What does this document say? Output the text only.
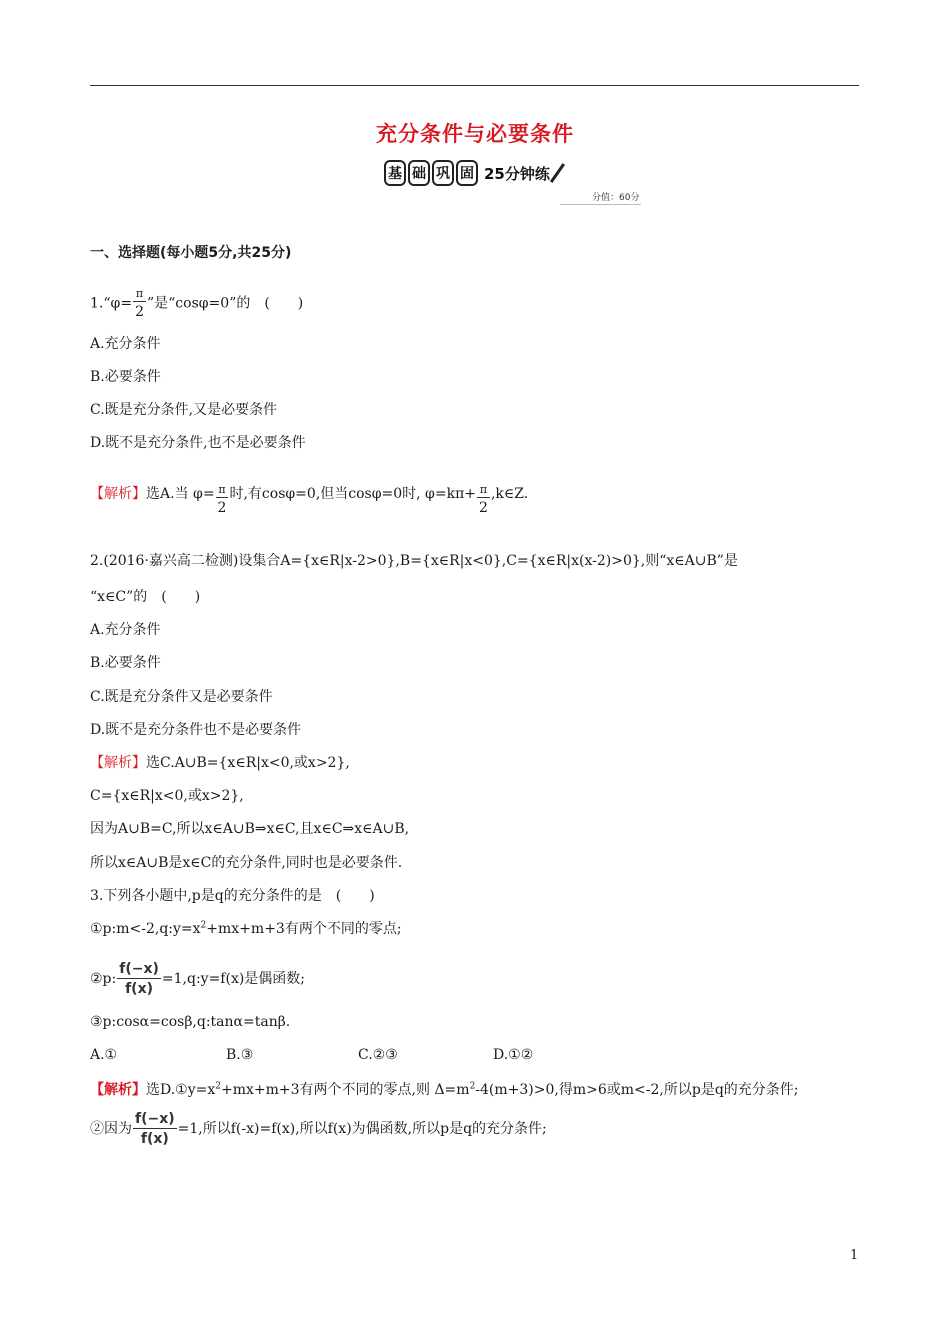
充分条件与必要条件
基 础 巩 固 25分钟练
分值：60分
一、选择题(每小题5分,共25分)
1.“φ= $\frac{\pi}{2}$ ”是“cosφ=0”的　(　　)
A.充分条件
B.必要条件
C.既是充分条件,又是必要条件
D.既不是充分条件,也不是必要条件
【解析】选A.当 $\varphi= \frac{\pi}{2}$ 时,有cosφ=0,但当cosφ=0时, $\varphi=k\pi+ \frac{\pi}{2}$ ,k∈Z.
2.(2016·嘉兴高二检测)设集合A={x∈R|x-2>0},B={x∈R|x<0},C={x∈R|x(x-2)>0},则“x∈A∪B”是
“x∈C”的　(　　)
A.充分条件
B.必要条件
C.既是充分条件又是必要条件
D.既不是充分条件也不是必要条件
【解析】选C.A∪B={x∈R|x<0,或x>2},
C={x∈R|x<0,或x>2},
因为A∪B=C,所以x∈A∪B⇒x∈C,且x∈C⇒x∈A∪B,
所以x∈A∪B是x∈C的充分条件,同时也是必要条件.
3.下列各小题中,p是q的充分条件的是　(　　)
$①p:m<-2,q:y=x^2+mx+m+3$有两个不同的零点;
②p: $\frac{f(-x)}{f(x)}$ =1,q:y=f(x)是偶函数;
③p:cosα=cosβ,q:tanα=tanβ.
A.①	B.③	C.②③	D.①②
【解析】选$D.①y=x^2+mx+m+3$有两个不同的零点,则 $\Delta=m^2-4(m+3)>0$,得m>6或m<-2,所以p是q的充分条件;
②因为 $\frac{f(-x)}{f(x)} =1$,所以f(-x)=f(x),所以f(x)为偶函数,所以p是q的充分条件;
1
